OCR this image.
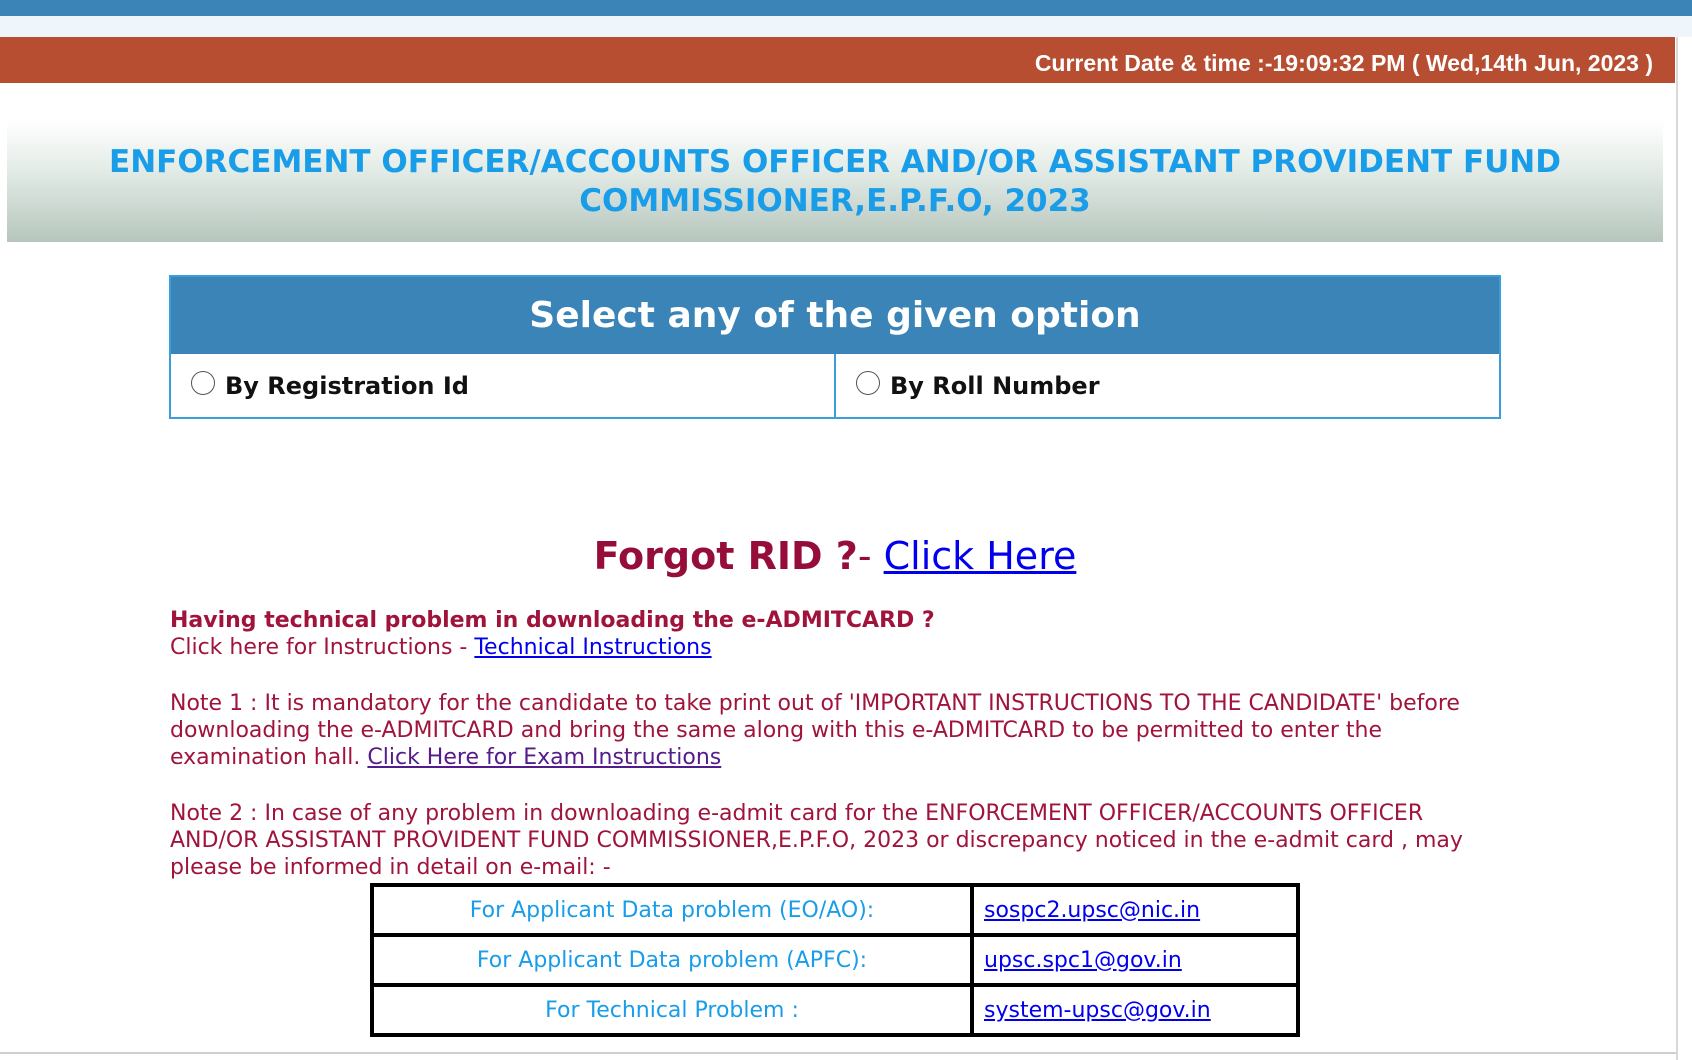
Current Date & time :-19:09:32 PM ( Wed,14th Jun, 2023 )
ENFORCEMENT OFFICER/ACCOUNTS OFFICER AND/OR ASSISTANT PROVIDENT FUND
COMMISSIONER,E.P.F.O, 2023
Select any of the given option
By Registration Id	By Roll Number
Forgot RID ?- Click Here

Having technical problem in downloading the e-ADMITCARD ?

Click here for Instructions - Technical Instructions

Note 1 : It is mandatory for the candidate to take print out of 'IMPORTANT INSTRUCTIONS TO THE CANDIDATE' before downloading the e-ADMITCARD and bring the same along with this e-ADMITCARD to be permitted to enter the examination hall. Click Here for Exam Instructions

Note 2 : In case of any problem in downloading e-admit card for the ENFORCEMENT OFFICER/ACCOUNTS OFFICER AND/OR ASSISTANT PROVIDENT FUND COMMISSIONER,E.P.F.O, 2023 or discrepancy noticed in the e-admit card , may please be informed in detail on e-mail: -

For Applicant Data problem (EO/AO):	sospc2.upsc@nic.in
For Applicant Data problem (APFC):	upsc.spc1@gov.in
For Technical Problem :	system-upsc@gov.in
